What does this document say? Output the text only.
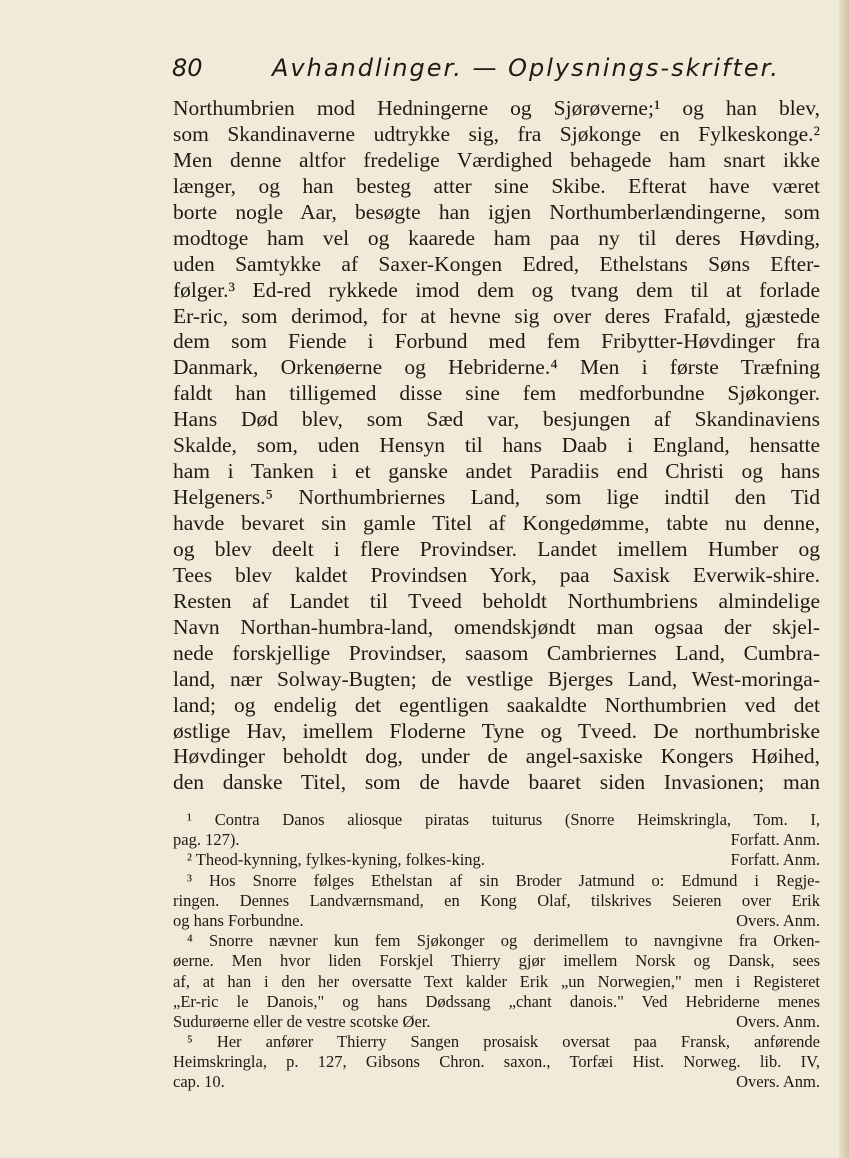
80	Avhandlinger. — Oplysnings-skrifter.
Northumbrien mod Hedningerne og Sjørøverne;¹ og han blev,
som Skandinaverne udtrykke sig, fra Sjøkonge en Fylkeskonge.²
Men denne altfor fredelige Værdighed behagede ham snart ikke
længer, og han besteg atter sine Skibe. Efterat have været
borte nogle Aar, besøgte han igjen Northumberlændingerne, som
modtoge ham vel og kaarede ham paa ny til deres Høvding,
uden Samtykke af Saxer-Kongen Edred, Ethelstans Søns Efter-
følger.³ Ed-red rykkede imod dem og tvang dem til at forlade
Er-ric, som derimod, for at hevne sig over deres Frafald, gjæstede
dem som Fiende i Forbund med fem Fribytter-Høvdinger fra
Danmark, Orkenøerne og Hebriderne.⁴ Men i første Træfning
faldt han tilligemed disse sine fem medforbundne Sjøkonger.
Hans Død blev, som Sæd var, besjungen af Skandinaviens
Skalde, som, uden Hensyn til hans Daab i England, hensatte
ham i Tanken i et ganske andet Paradiis end Christi og hans
Helgeners.⁵ Northumbriernes Land, som lige indtil den Tid
havde bevaret sin gamle Titel af Kongedømme, tabte nu denne,
og blev deelt i flere Provindser. Landet imellem Humber og
Tees blev kaldet Provindsen York, paa Saxisk Everwik-shire.
Resten af Landet til Tveed beholdt Northumbriens almindelige
Navn Northan-humbra-land, omendskjøndt man ogsaa der skjel-
nede forskjellige Provindser, saasom Cambriernes Land, Cumbra-
land, nær Solway-Bugten; de vestlige Bjerges Land, West-moringa-
land; og endelig det egentligen saakaldte Northumbrien ved det
østlige Hav, imellem Floderne Tyne og Tveed. De northumbriske
Høvdinger beholdt dog, under de angel-saxiske Kongers Høihed,
den danske Titel, som de havde baaret siden Invasionen; man
¹ Contra Danos aliosque piratas tuiturus (Snorre Heimskringla, Tom. I,
pag. 127).	Forfatt. Anm.
² Theod-kynning, fylkes-kyning, folkes-king.	Forfatt. Anm.
³ Hos Snorre følges Ethelstan af sin Broder Jatmund o: Edmund i Regje-
ringen. Dennes Landværnsmand, en Kong Olaf, tilskrives Seieren over Erik
og hans Forbundne.	Overs. Anm.
⁴ Snorre nævner kun fem Sjøkonger og derimellem to navngivne fra Orken-
øerne. Men hvor liden Forskjel Thierry gjør imellem Norsk og Dansk, sees
af, at han i den her oversatte Text kalder Erik „un Norwegien," men i Registeret
„Er-ric le Danois," og hans Dødssang „chant danois." Ved Hebriderne menes
Sudurøerne eller de vestre scotske Øer.	Overs. Anm.
⁵ Her anfører Thierry Sangen prosaisk oversat paa Fransk, anførende
Heimskringla, p. 127, Gibsons Chron. saxon., Torfæi Hist. Norweg. lib. IV,
cap. 10.	Overs. Anm.
